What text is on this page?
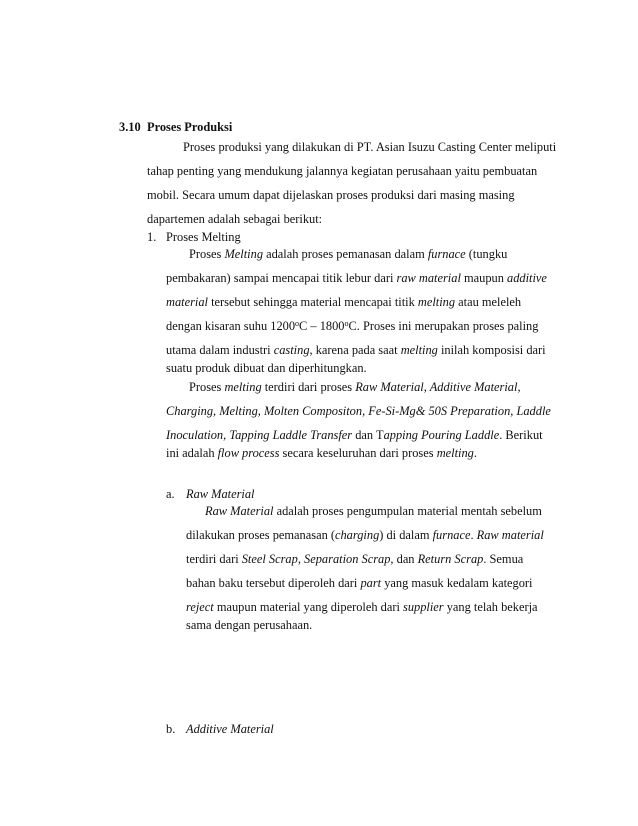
3.10 Proses Produksi
Proses produksi yang dilakukan di PT. Asian Isuzu Casting Center meliputi
tahap penting yang mendukung jalannya kegiatan perusahaan yaitu pembuatan
mobil. Secara umum dapat dijelaskan proses produksi dari masing masing
dapartemen adalah sebagai berikut:
1. Proses Melting
Proses Melting adalah proses pemanasan dalam furnace (tungku
pembakaran) sampai mencapai titik lebur dari raw material maupun additive
material tersebut sehingga material mencapai titik melting atau meleleh
dengan kisaran suhu 1200$^o$C – 1800$^o$C. Proses ini merupakan proses paling
utama dalam industri casting, karena pada saat melting inilah komposisi dari
suatu produk dibuat dan diperhitungkan.
Proses melting terdiri dari proses Raw Material, Additive Material,
Charging, Melting, Molten Compositon, Fe-Si-Mg& 50S Preparation, Laddle
Inoculation, Tapping Laddle Transfer dan Tapping Pouring Laddle. Berikut
ini adalah flow process secara keseluruhan dari proses melting.
a. Raw Material
Raw Material adalah proses pengumpulan material mentah sebelum
dilakukan proses pemanasan (charging) di dalam furnace. Raw material
terdiri dari Steel Scrap, Separation Scrap, dan Return Scrap. Semua
bahan baku tersebut diperoleh dari part yang masuk kedalam kategori
reject maupun material yang diperoleh dari supplier yang telah bekerja
sama dengan perusahaan.
b. Additive Material
